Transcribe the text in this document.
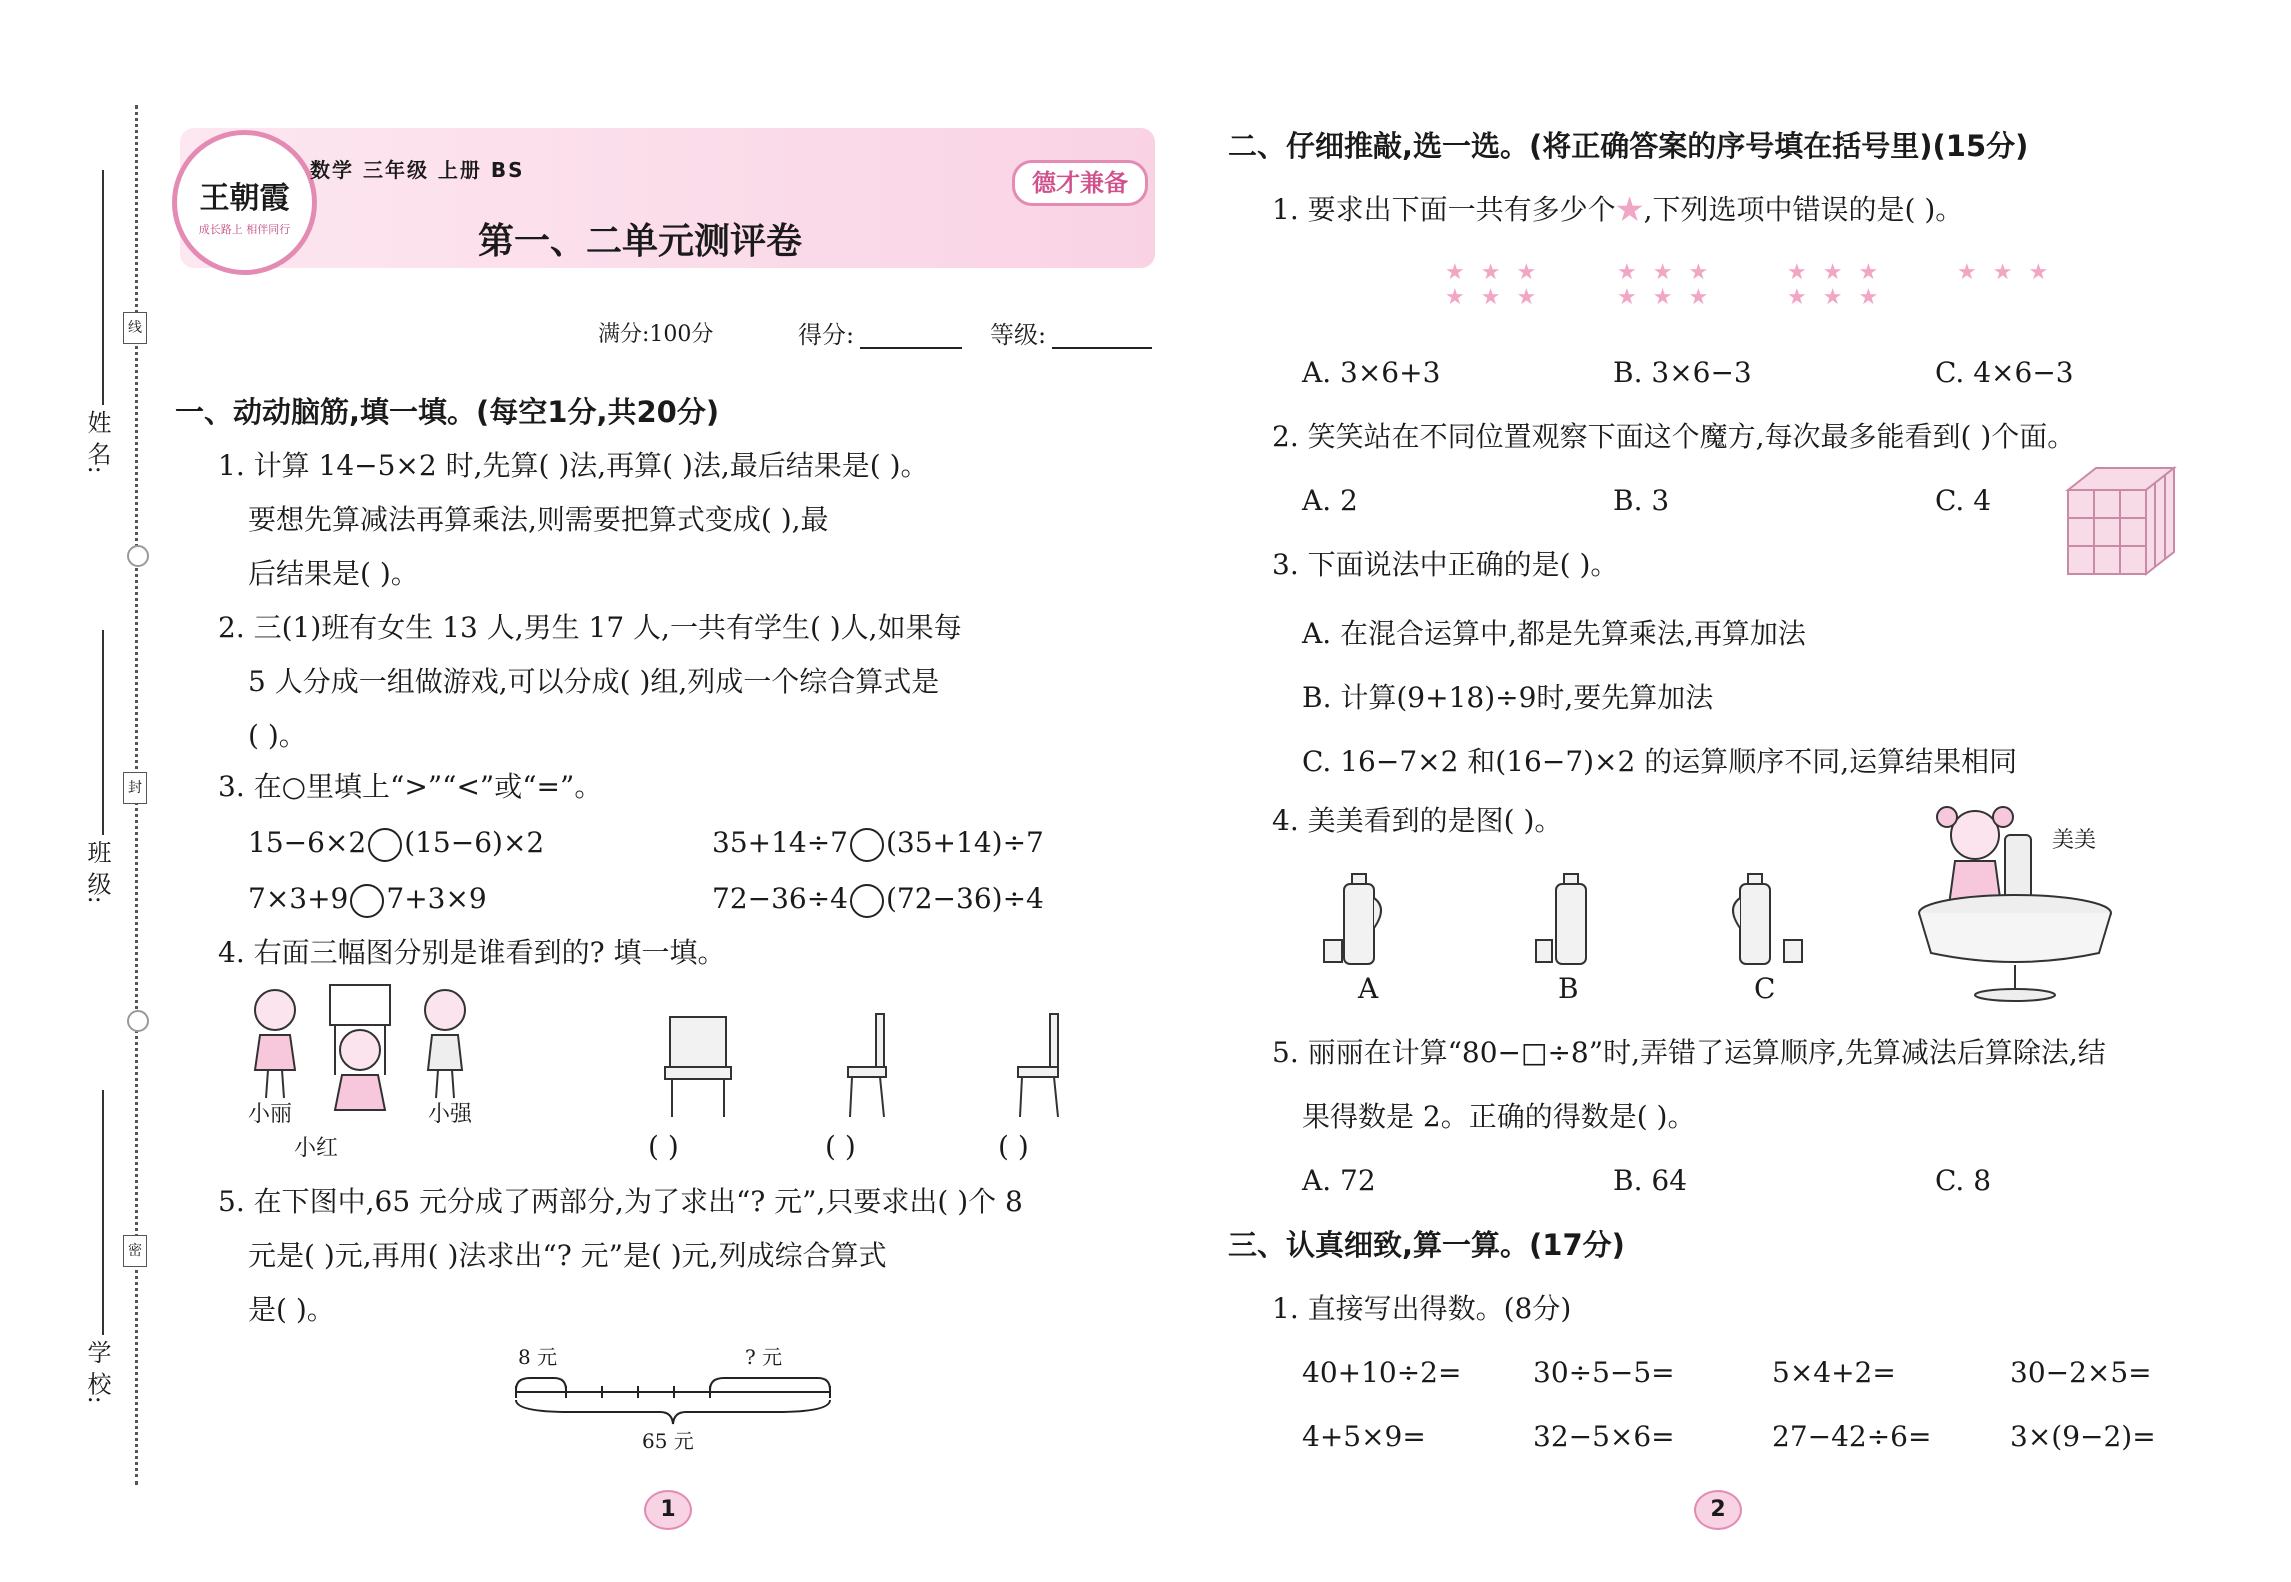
姓 名:
班 级:
学 校:
线
封
密
王朝霞
成长路上 相伴同行
数学 三年级 上册 BS
第一、二单元测评卷
德才兼备
满分:100分	得分:	等级:
一、动动脑筋,填一填。(每空1分,共20分)
1. 计算 14−5×2 时,先算( )法,再算( )法,最后结果是( )。
要想先算减法再算乘法,则需要把算式变成( ),最
后结果是( )。
2. 三(1)班有女生 13 人,男生 17 人,一共有学生( )人,如果每
5 人分成一组做游戏,可以分成( )组,列成一个综合算式是
( )。
3. 在○里填上“>”“<”或“=”。
15−6×2 (15−6)×2	35+14÷7 (35+14)÷7
7×3+9 7+3×9	72−36÷4 (72−36)÷4
4. 右面三幅图分别是谁看到的? 填一填。
小丽
小红
小强
( )	( )	( )
5. 在下图中,65 元分成了两部分,为了求出“? 元”,只要求出( )个 8
元是( )元,再用( )法求出“? 元”是( )元,列成综合算式
是( )。
8 元	? 元
65 元
1
二、仔细推敲,选一选。(将正确答案的序号填在括号里)(15分)
1. 要求出下面一共有多少个★,下列选项中错误的是( )。
★★★
★★★
★★★
★★★
★★★
★★★
★★★
A. 3×6+3	B. 3×6−3	C. 4×6−3
2. 笑笑站在不同位置观察下面这个魔方,每次最多能看到( )个面。
A. 2	B. 3	C. 4
3. 下面说法中正确的是( )。
A. 在混合运算中,都是先算乘法,再算加法
B. 计算(9+18)÷9时,要先算加法
C. 16−7×2 和(16−7)×2 的运算顺序不同,运算结果相同
4. 美美看到的是图( )。
A	B	C
美美
5. 丽丽在计算“80−□÷8”时,弄错了运算顺序,先算减法后算除法,结
果得数是 2。正确的得数是( )。
A. 72	B. 64	C. 8
三、认真细致,算一算。(17分)
1. 直接写出得数。(8分)
40+10÷2=	30÷5−5=	5×4+2=	30−2×5=
4+5×9=	32−5×6=	27−42÷6=	3×(9−2)=
2
